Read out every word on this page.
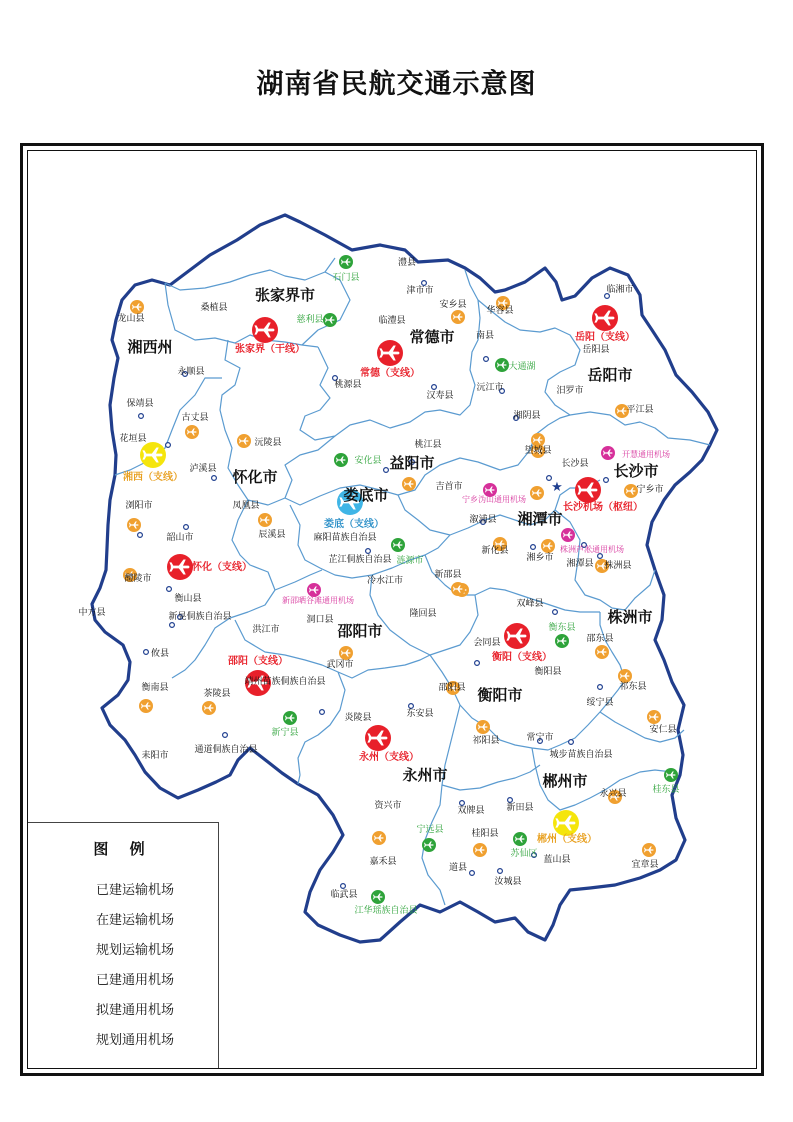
湖南省民航交通示意图
★
张家界市
常德市
岳阳市
湘西州
怀化市
益阳市	长沙市
湘潭市
娄底市
株洲市
邵阳市
衡阳市
永州市	郴州市
张家界（干线）
常德（支线）
岳阳（支线）
长沙机场（枢纽）
怀化（支线）
邵阳（支线）	衡阳（支线）
永州（支线）
湘西（支线）
郴州（支线）
娄底（支线）
开慧通用机场
宁乡沩山通用机场
株洲芦凇通用机场
新邵晒谷滩通用机场
石门县
慈利县
大通湖
安化县
涟源市
衡东县
新宁县
桂东县
宁远县
苏仙区
江华瑶族自治县
澧县
津市市
安乡县
临湘市
华容县
南县
桑植县
临澧县
岳阳县
龙山县
永顺县
桃源县
汉寿县
沅江市	汨罗市
保靖县
古丈县	湘阴县
平江县
花垣县	沅陵县	桃江县
望城县
长沙县
泸溪县
吉首市	宁乡市
浏阳市	凤凰县
辰溪县
溆浦县
韶山市	麻阳苗族自治县
新化县
湘乡市
湘潭县 株洲县
醴陵市
芷江侗族自治县
冷水江市
新邵县
双峰县
衡山县
中方县	新晃侗族自治县
洪江市
洞口县
隆回县
邵东县
攸县
会同县
衡阳县
衡南县
靖州苗族侗族自治县
武冈市
邵阳县	祁东县
茶陵县
绥宁县
安仁县
炎陵县	东安县
祁阳县	常宁市
耒阳市
通道侗族自治县	城步苗族自治县
永兴县
资兴市	双牌县 新田县
桂阳县
嘉禾县
道县
蓝山县	宜章县
汝城县
临武县
图 例
已建运输机场
在建运输机场
规划运输机场
已建通用机场
拟建通用机场
规划通用机场
